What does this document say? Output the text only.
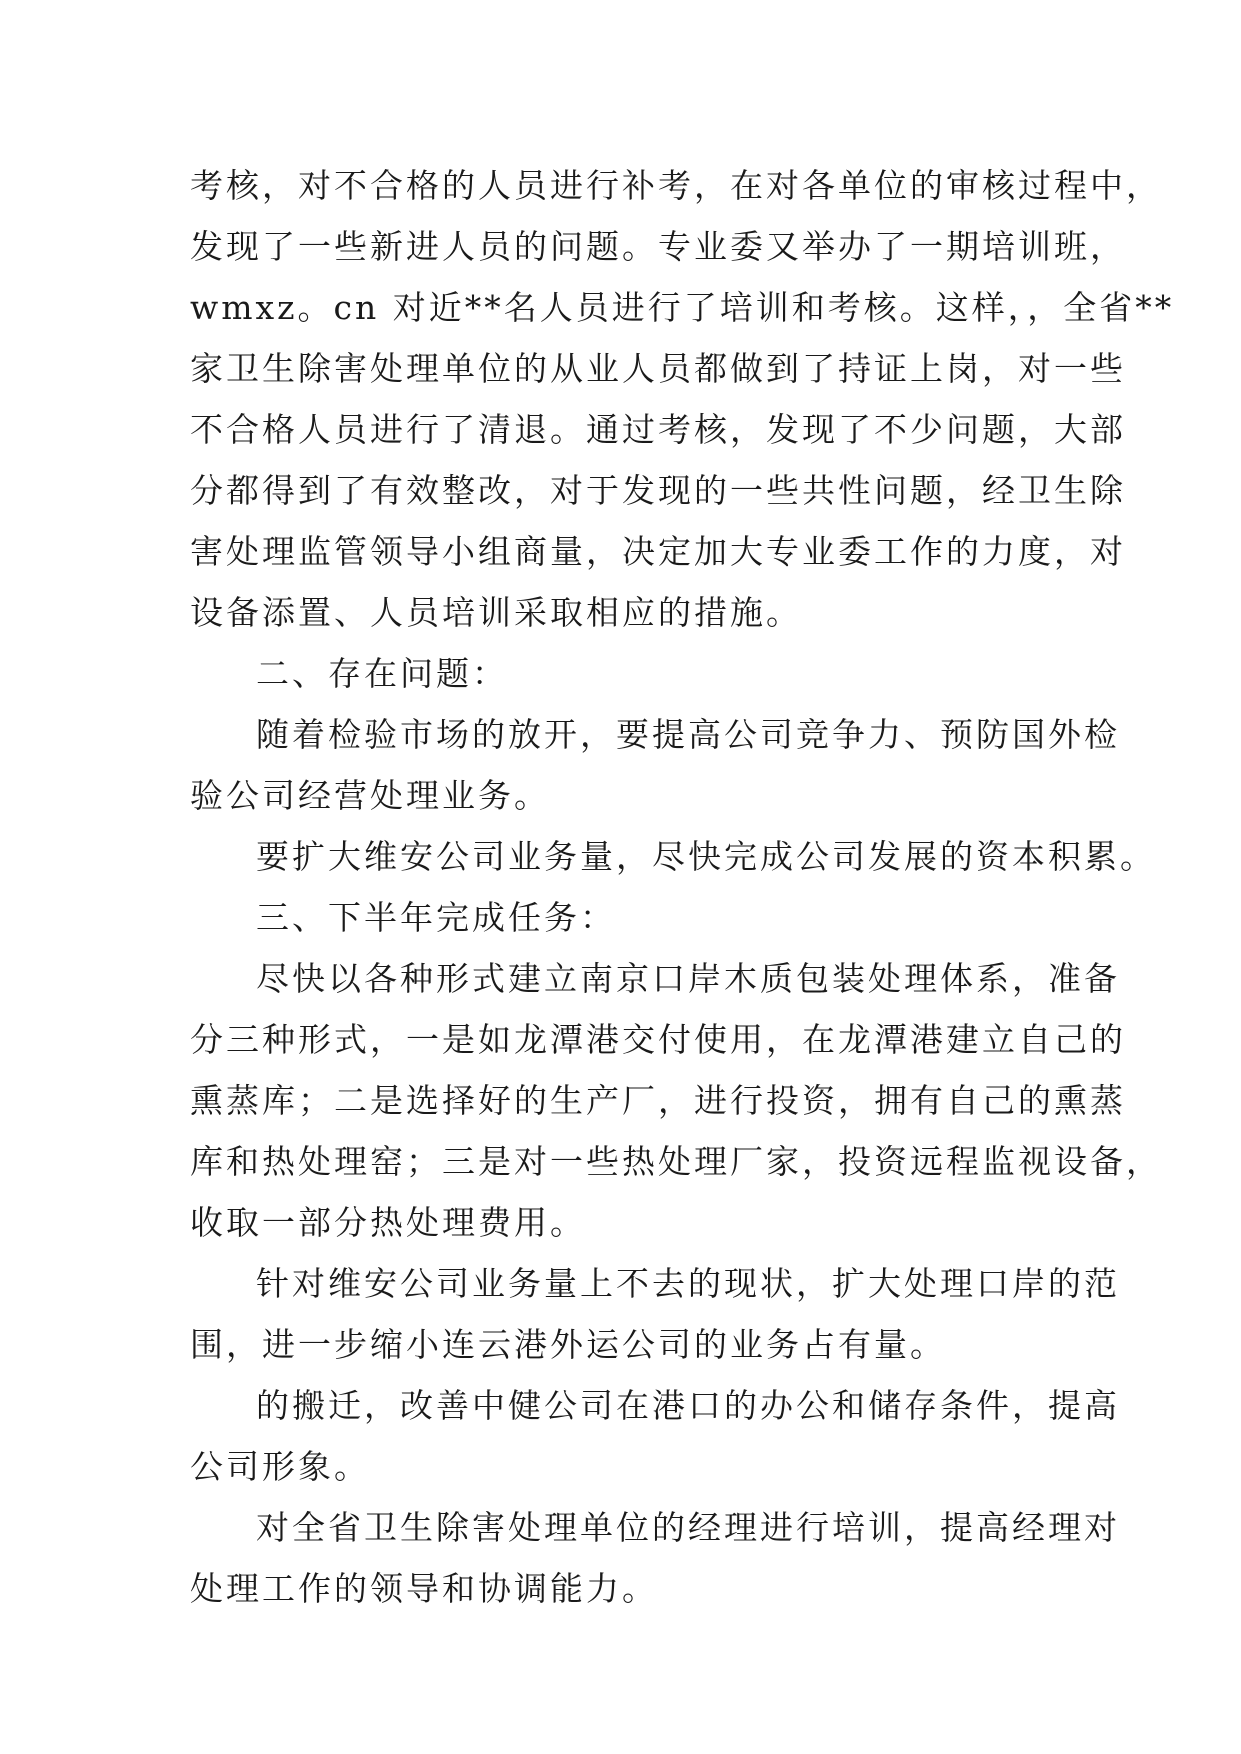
考核，对不合格的人员进行补考，在对各单位的审核过程中，
发现了一些新进人员的问题。专业委又举办了一期培训班，
wmxz。cn 对近**名人员进行了培训和考核。这样，，全省**
家卫生除害处理单位的从业人员都做到了持证上岗，对一些
不合格人员进行了清退。通过考核，发现了不少问题，大部
分都得到了有效整改，对于发现的一些共性问题，经卫生除
害处理监管领导小组商量，决定加大专业委工作的力度，对
设备添置、人员培训采取相应的措施。
二、存在问题：
随着检验市场的放开，要提高公司竞争力、预防国外检
验公司经营处理业务。
要扩大维安公司业务量，尽快完成公司发展的资本积累。
三、下半年完成任务：
尽快以各种形式建立南京口岸木质包装处理体系，准备
分三种形式，一是如龙潭港交付使用，在龙潭港建立自己的
熏蒸库；二是选择好的生产厂，进行投资，拥有自己的熏蒸
库和热处理窑；三是对一些热处理厂家，投资远程监视设备，
收取一部分热处理费用。
针对维安公司业务量上不去的现状，扩大处理口岸的范
围，进一步缩小连云港外运公司的业务占有量。
的搬迁，改善中健公司在港口的办公和储存条件，提高
公司形象。
对全省卫生除害处理单位的经理进行培训，提高经理对
处理工作的领导和协调能力。
